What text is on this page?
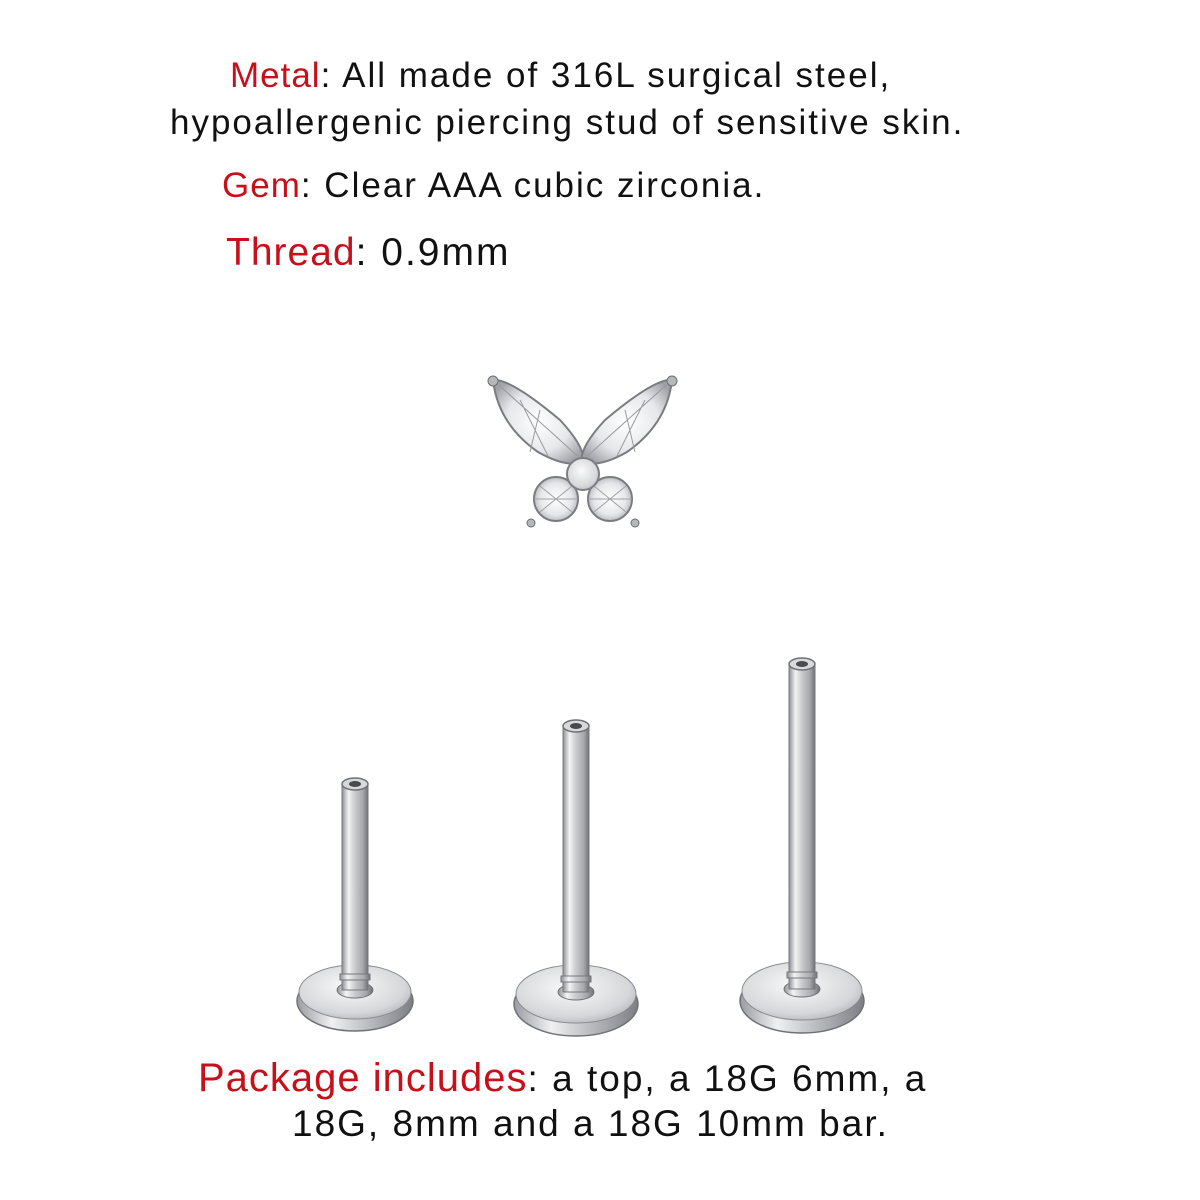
Metal: All made of 316L surgical steel,
hypoallergenic piercing stud of sensitive skin.
Gem: Clear AAA cubic zirconia.
Thread: 0.9mm
Package includes: a top, a 18G 6mm, a
18G, 8mm and a 18G 10mm bar.
